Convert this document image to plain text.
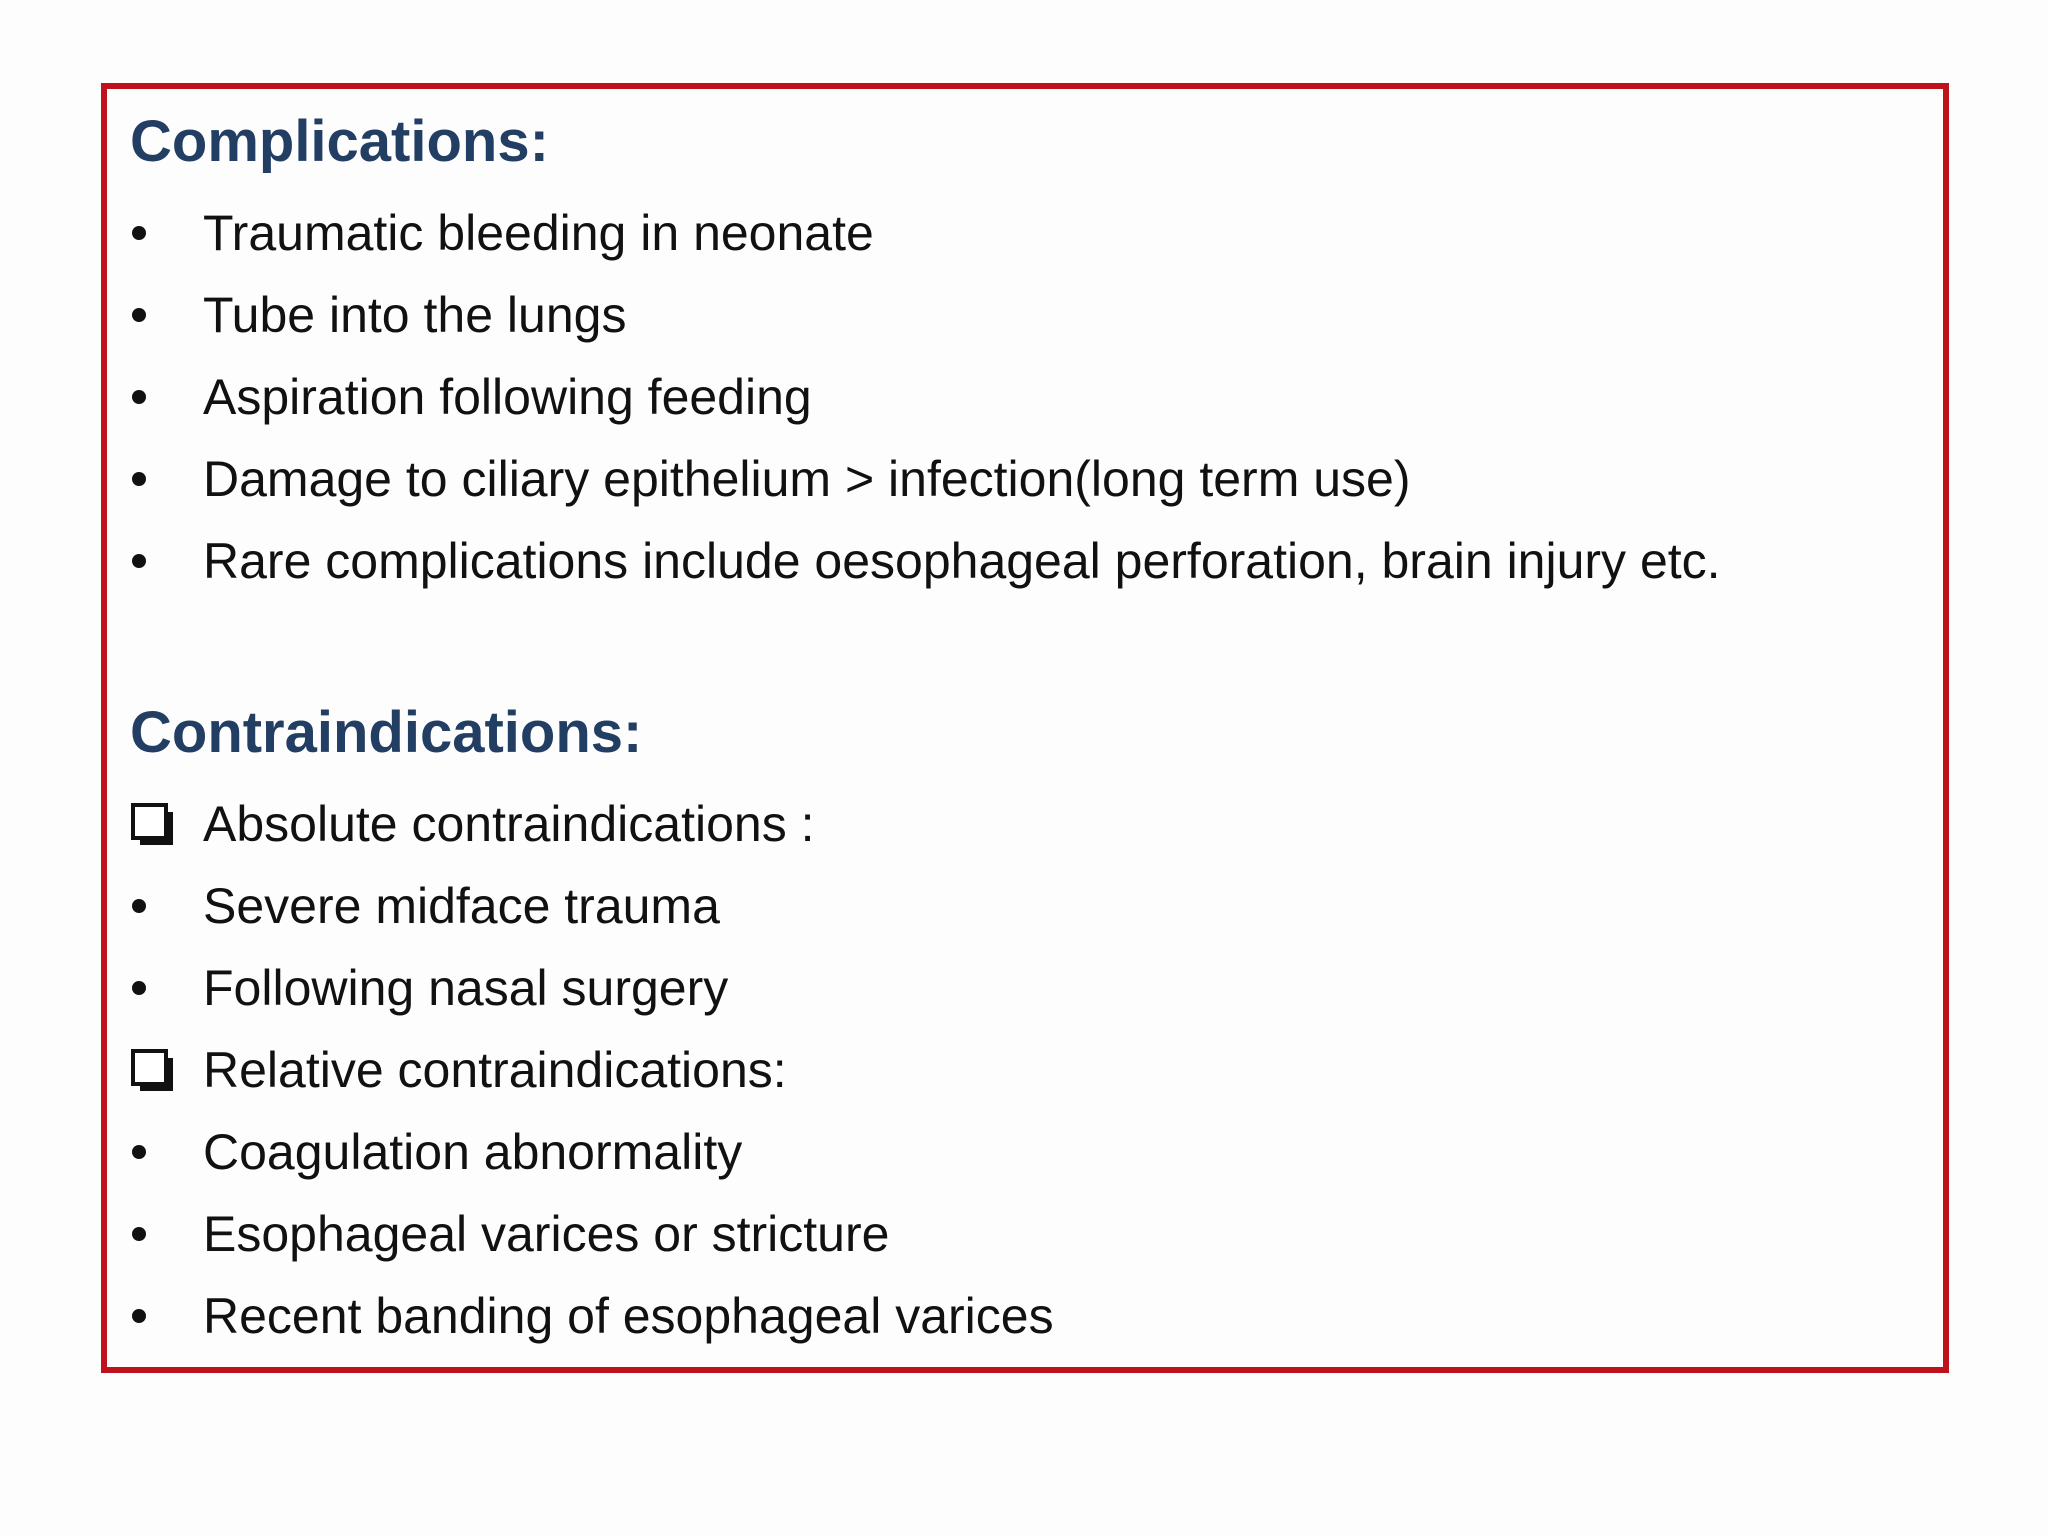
Complications:
Traumatic bleeding in neonate
Tube into the lungs
Aspiration following feeding
Damage to ciliary epithelium > infection(long term use)
Rare complications include oesophageal perforation, brain injury etc.
Contraindications:
Absolute contraindications :
Severe midface trauma
Following nasal surgery
Relative contraindications:
Coagulation abnormality
Esophageal varices or stricture
Recent banding of esophageal varices
